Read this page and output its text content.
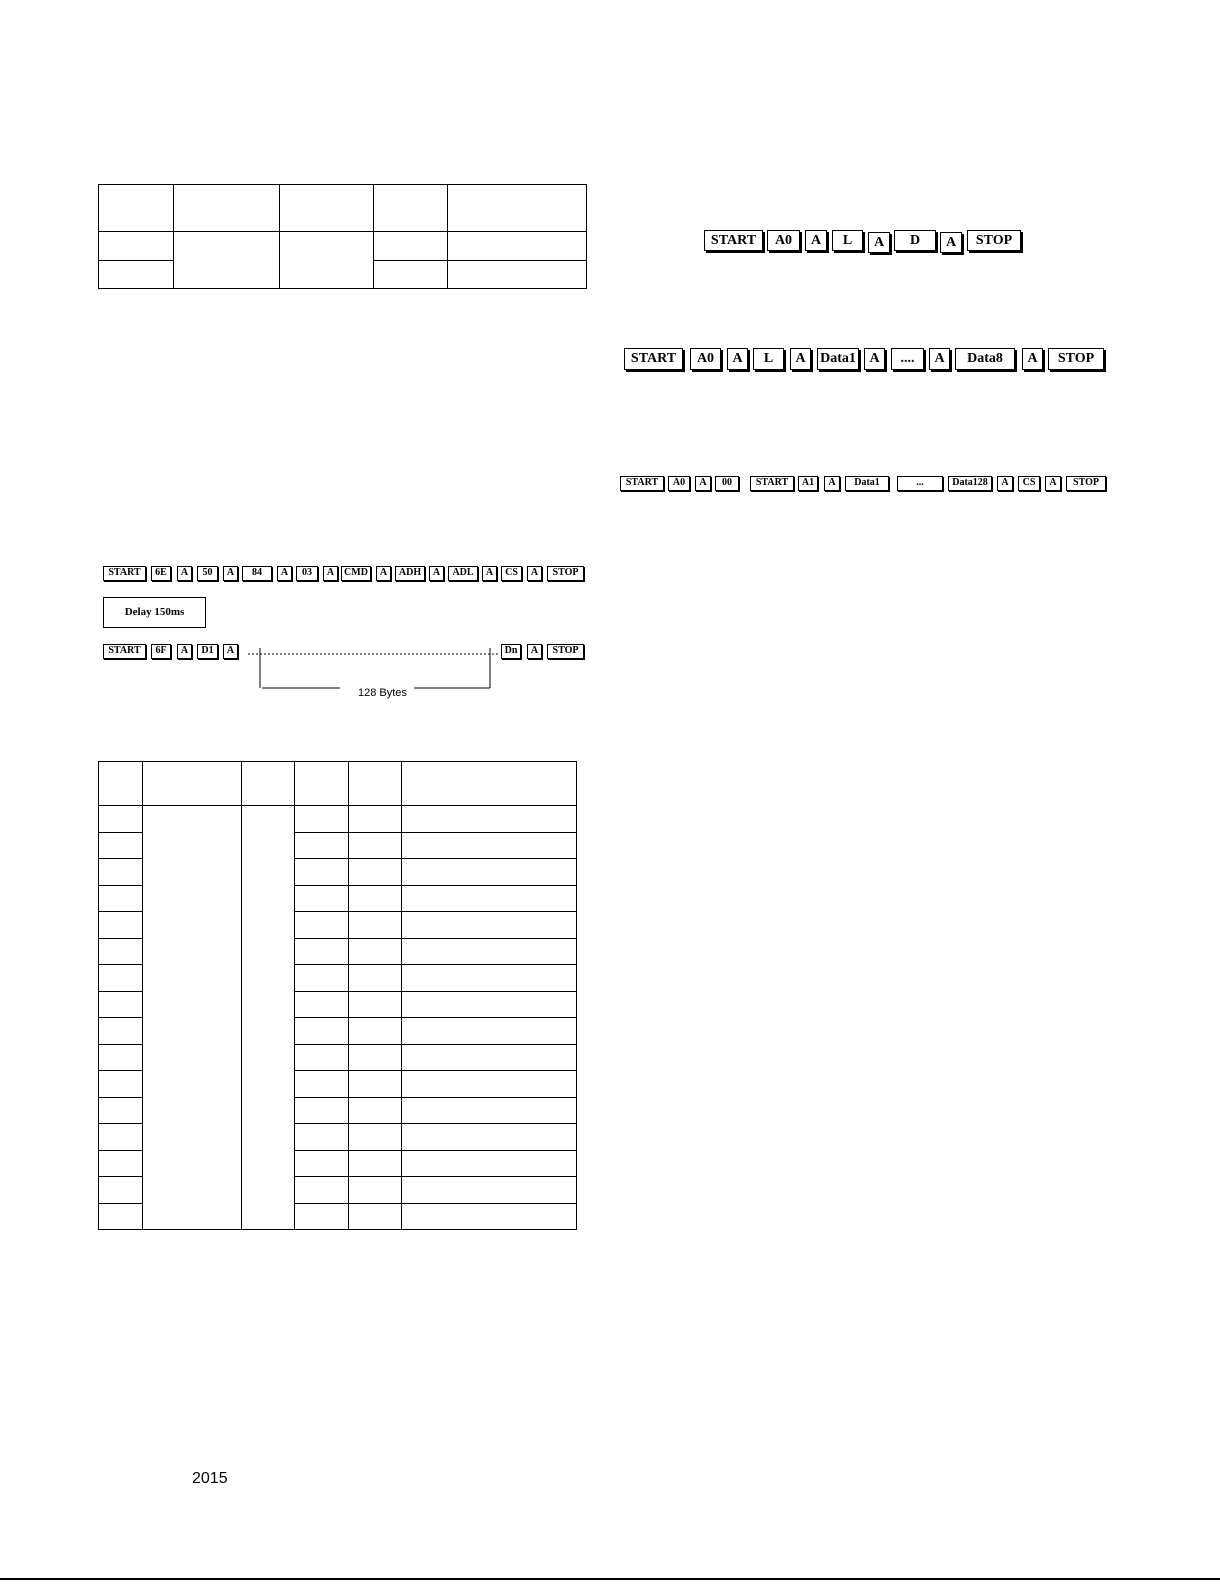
START	A0	A	L	A	D	A	STOP
START	A0	A	L	A	Data1 A	....	A	Data8	A	STOP
START	A0	A	00	START	A1	A	Data1	...	Data128	A	CS	A	STOP
START	6E	A	50	A	84	A	03	A CMD	A	ADH	A	ADL	A	CS	A	STOP
Delay 150ms
START	6F	A	D1	A	Dn	A	STOP
128 Bytes

2015
